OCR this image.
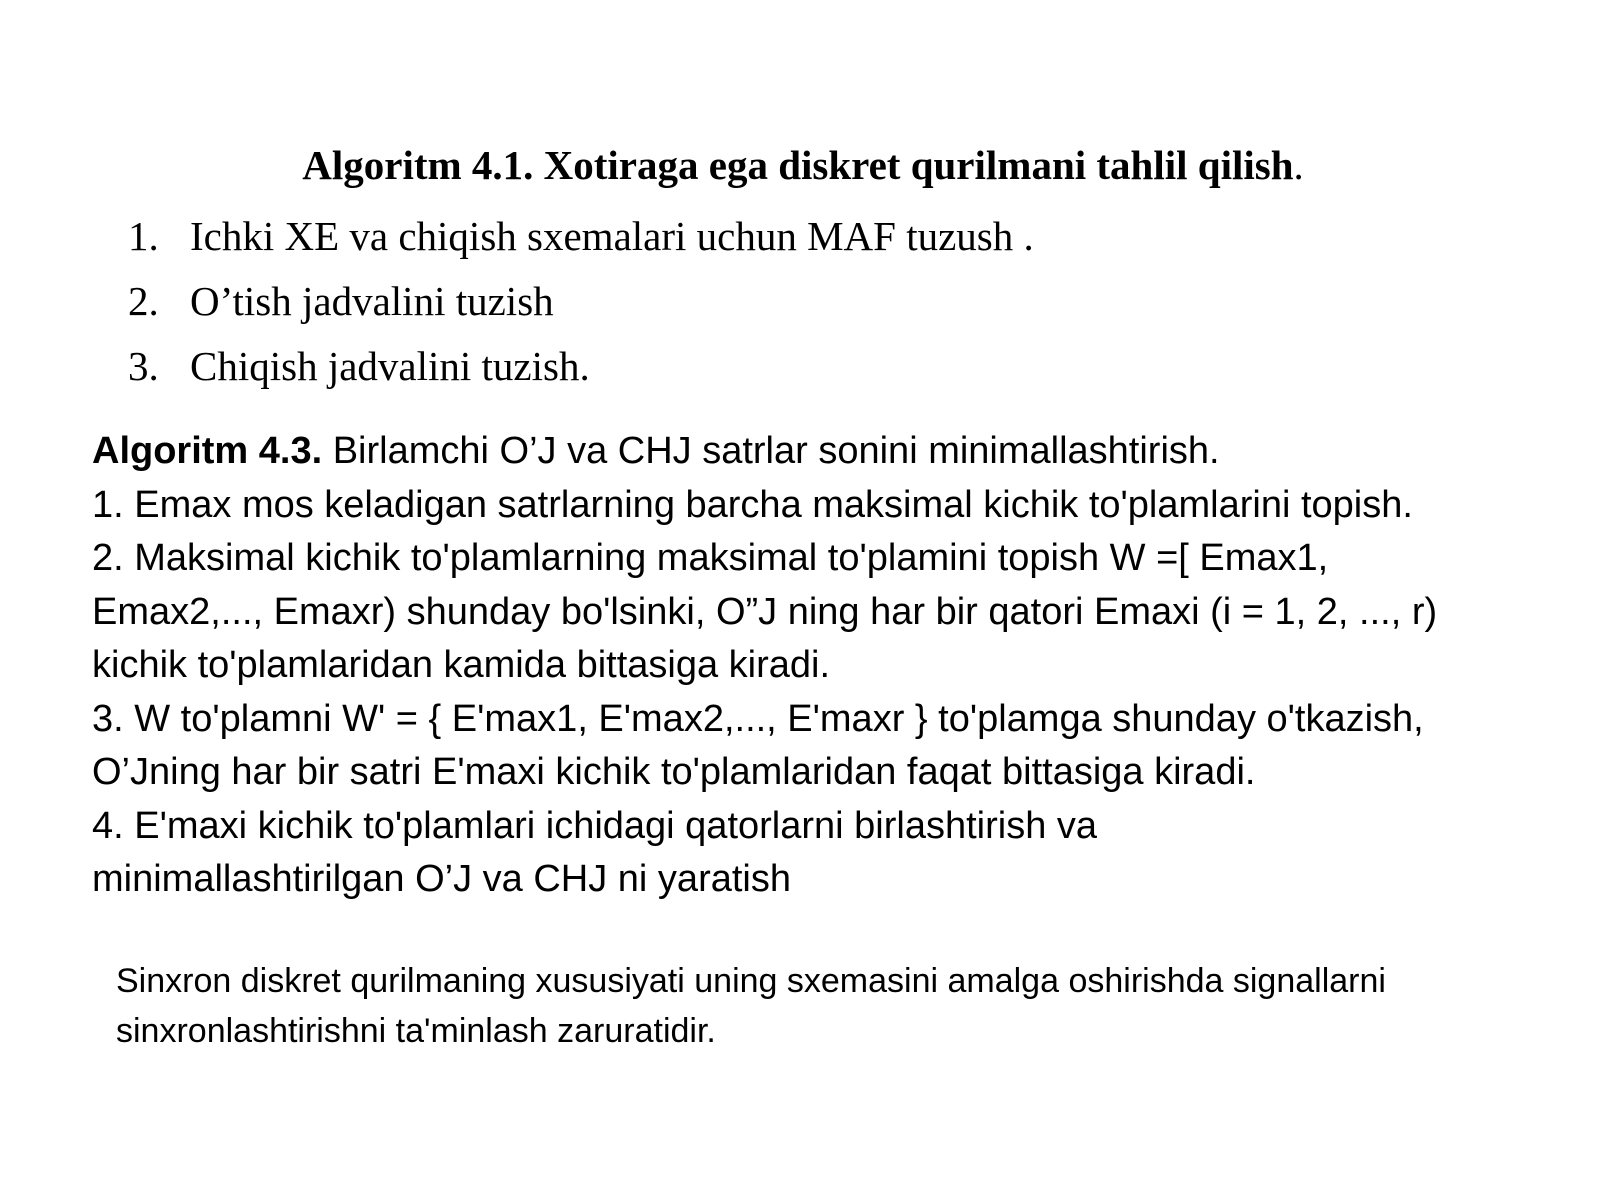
Algoritm 4.1. Xotiraga ega diskret qurilmani tahlil qilish.

1. Ichki XE va chiqish sxemalari uchun MAF tuzush .
2. O’tish jadvalini tuzish
3. Chiqish jadvalini tuzish.
Algoritm 4.3. Birlamchi O’J va CHJ satrlar sonini minimallashtirish.
1. Emax mos keladigan satrlarning barcha maksimal kichik to'plamlarini topish.
2. Maksimal kichik to'plamlarning maksimal to'plamini topish W =[ Emax1,
Emax2,..., Emaxr) shunday bo'lsinki, O”J ning har bir qatori Emaxi (i = 1, 2, ..., r)
kichik to'plamlaridan kamida bittasiga kiradi.
3. W to'plamni W' = { E'max1, E'max2,..., E'maxr } to'plamga shunday o'tkazish,
O’Jning har bir satri E'maxi kichik to'plamlaridan faqat bittasiga kiradi.
4. E'maxi kichik to'plamlari ichidagi qatorlarni birlashtirish va
minimallashtirilgan O’J va CHJ ni yaratish
Sinxron diskret qurilmaning xususiyati uning sxemasini amalga oshirishda signallarni
sinxronlashtirishni ta'minlash zaruratidir.
